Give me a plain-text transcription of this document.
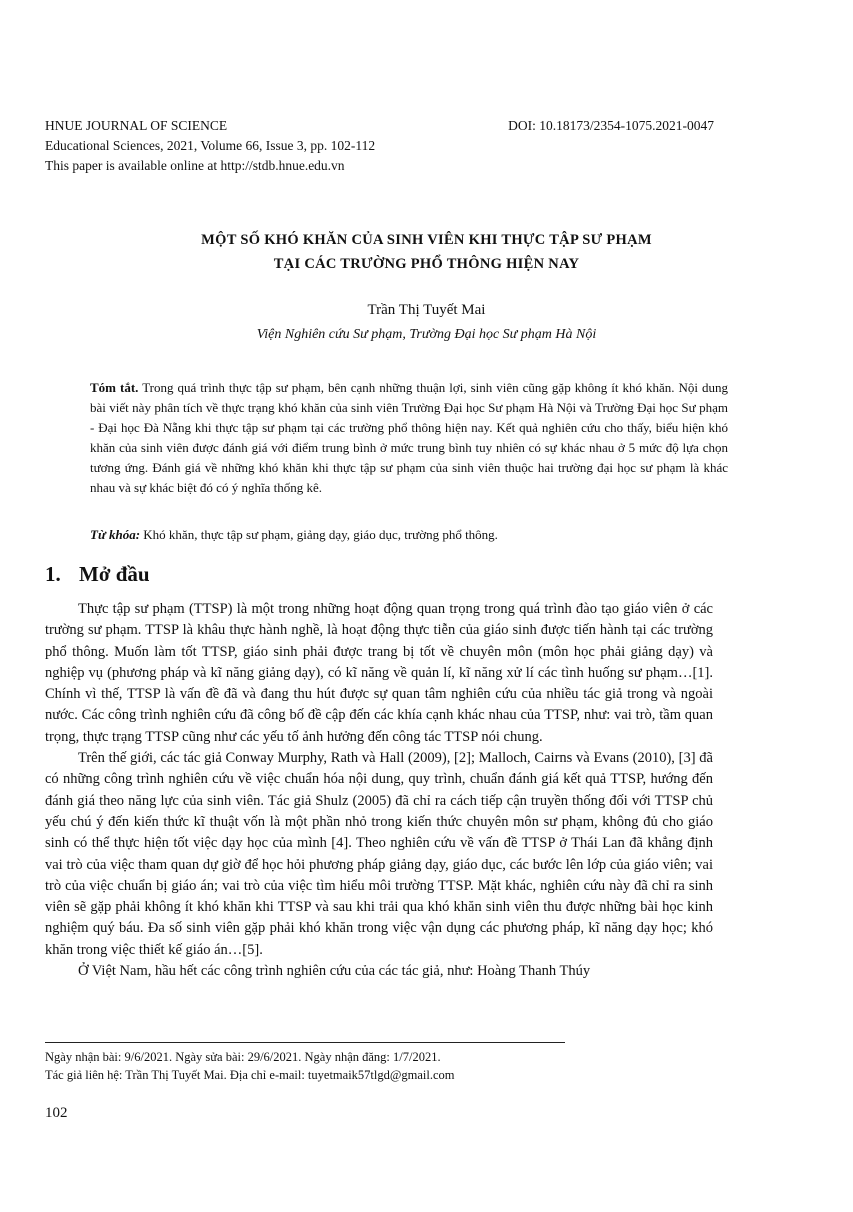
HNUE JOURNAL OF SCIENCE	DOI: 10.18173/2354-1075.2021-0047
Educational Sciences, 2021, Volume 66, Issue 3, pp. 102-112
This paper is available online at http://stdb.hnue.edu.vn
MỘT SỐ KHÓ KHĂN CỦA SINH VIÊN KHI THỰC TẬP SƯ PHẠM
TẠI CÁC TRƯỜNG PHỔ THÔNG HIỆN NAY
Trần Thị Tuyết Mai
Viện Nghiên cứu Sư phạm, Trường Đại học Sư phạm Hà Nội
Tóm tắt. Trong quá trình thực tập sư phạm, bên cạnh những thuận lợi, sinh viên cũng gặp không ít khó khăn. Nội dung bài viết này phân tích về thực trạng khó khăn của sinh viên Trường Đại học Sư phạm Hà Nội và Trường Đại học Sư phạm - Đại học Đà Nẵng khi thực tập sư phạm tại các trường phổ thông hiện nay. Kết quả nghiên cứu cho thấy, biểu hiện khó khăn của sinh viên được đánh giá với điểm trung bình ở mức trung bình tuy nhiên có sự khác nhau ở 5 mức độ lựa chọn tương ứng. Đánh giá về những khó khăn khi thực tập sư phạm của sinh viên thuộc hai trường đại học sư phạm là khác nhau và sự khác biệt đó có ý nghĩa thống kê.
Từ khóa: Khó khăn, thực tập sư phạm, giảng dạy, giáo dục, trường phổ thông.
1. Mở đầu

Thực tập sư phạm (TTSP) là một trong những hoạt động quan trọng trong quá trình đào tạo giáo viên ở các trường sư phạm. TTSP là khâu thực hành nghề, là hoạt động thực tiễn của giáo sinh được tiến hành tại các trường phổ thông. Muốn làm tốt TTSP, giáo sinh phải được trang bị tốt về chuyên môn (môn học phải giảng dạy) và nghiệp vụ (phương pháp và kĩ năng giảng dạy), có kĩ năng về quản lí, kĩ năng xử lí các tình huống sư phạm…[1]. Chính vì thế, TTSP là vấn đề đã và đang thu hút được sự quan tâm nghiên cứu của nhiều tác giả trong và ngoài nước. Các công trình nghiên cứu đã công bố đề cập đến các khía cạnh khác nhau của TTSP, như: vai trò, tầm quan trọng, thực trạng TTSP cũng như các yếu tố ảnh hưởng đến công tác TTSP nói chung.

Trên thế giới, các tác giả Conway Murphy, Rath và Hall (2009), [2]; Malloch, Cairns và Evans (2010), [3] đã có những công trình nghiên cứu về việc chuẩn hóa nội dung, quy trình, chuẩn đánh giá kết quả TTSP, hướng đến đánh giá theo năng lực của sinh viên. Tác giả Shulz (2005) đã chỉ ra cách tiếp cận truyền thống đối với TTSP chủ yếu chú ý đến kiến thức kĩ thuật vốn là một phần nhỏ trong kiến thức chuyên môn sư phạm, không đủ cho giáo sinh có thể thực hiện tốt việc dạy học của mình [4]. Theo nghiên cứu về vấn đề TTSP ở Thái Lan đã khẳng định vai trò của việc tham quan dự giờ để học hỏi phương pháp giảng dạy, giáo dục, các bước lên lớp của giáo viên; vai trò của việc chuẩn bị giáo án; vai trò của việc tìm hiểu môi trường TTSP. Mặt khác, nghiên cứu này đã chỉ ra sinh viên sẽ gặp phải không ít khó khăn khi TTSP và sau khi trải qua khó khăn sinh viên thu được những bài học kinh nghiệm quý báu. Đa số sinh viên gặp phải khó khăn trong việc vận dụng các phương pháp, kĩ năng dạy học; khó khăn trong việc thiết kế giáo án…[5].

Ở Việt Nam, hầu hết các công trình nghiên cứu của các tác giả, như: Hoàng Thanh Thúy

Ngày nhận bài: 9/6/2021. Ngày sửa bài: 29/6/2021. Ngày nhận đăng: 1/7/2021.
Tác giả liên hệ: Trần Thị Tuyết Mai. Địa chỉ e-mail: tuyetmaik57tlgd@gmail.com
102
